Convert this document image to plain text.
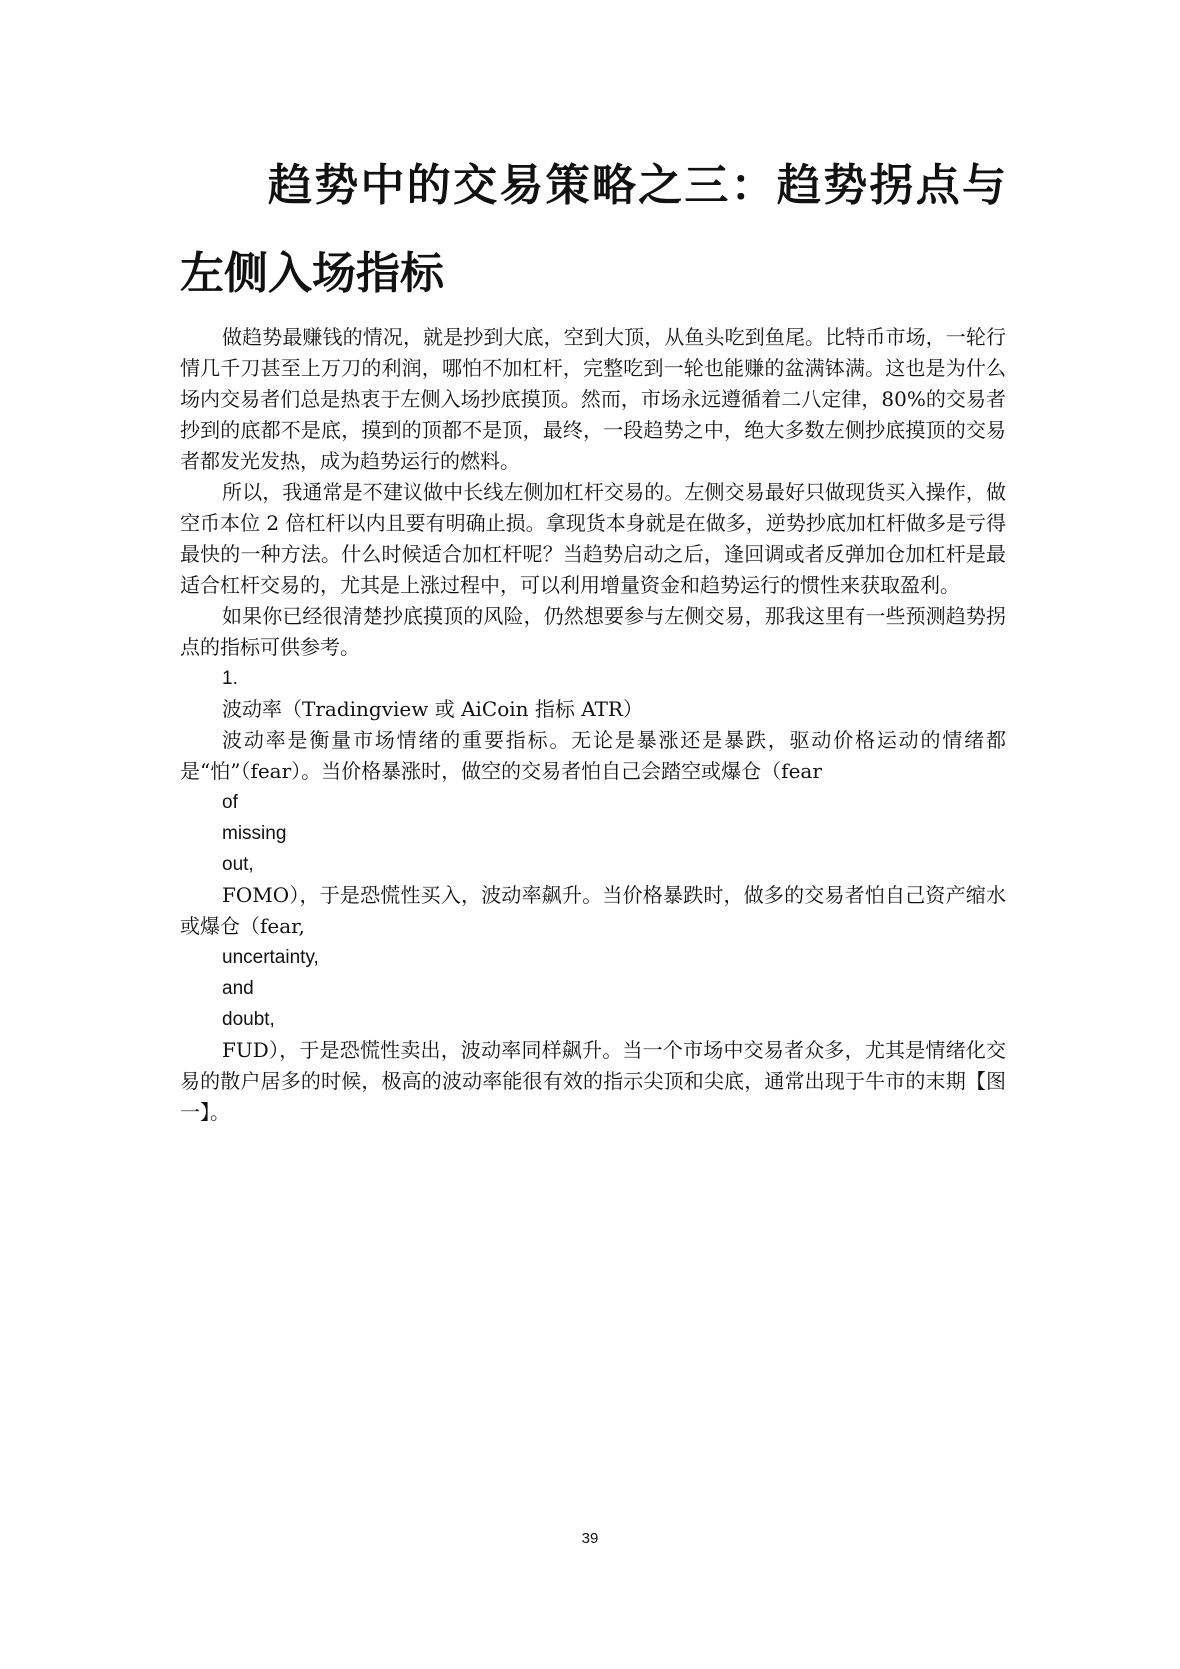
趋势中的交易策略之三：趋势拐点与左侧入场指标

做趋势最赚钱的情况，就是抄到大底，空到大顶，从鱼头吃到鱼尾。比特币市场，一轮行情几千刀甚至上万刀的利润，哪怕不加杠杆，完整吃到一轮也能赚的盆满钵满。这也是为什么场内交易者们总是热衷于左侧入场抄底摸顶。然而，市场永远遵循着二八定律，80%的交易者抄到的底都不是底，摸到的顶都不是顶，最终，一段趋势之中，绝大多数左侧抄底摸顶的交易者都发光发热，成为趋势运行的燃料。

所以，我通常是不建议做中长线左侧加杠杆交易的。左侧交易最好只做现货买入操作，做空币本位 2 倍杠杆以内且要有明确止损。拿现货本身就是在做多，逆势抄底加杠杆做多是亏得最快的一种方法。什么时候适合加杠杆呢？当趋势启动之后，逢回调或者反弹加仓加杠杆是最适合杠杆交易的，尤其是上涨过程中，可以利用增量资金和趋势运行的惯性来获取盈利。

如果你已经很清楚抄底摸顶的风险，仍然想要参与左侧交易，那我这里有一些预测趋势拐点的指标可供参考。

1.

波动率（Tradingview 或 AiCoin 指标 ATR）

波动率是衡量市场情绪的重要指标。无论是暴涨还是暴跌，驱动价格运动的情绪都是“怕”（fear）。当价格暴涨时，做空的交易者怕自己会踏空或爆仓（fear

of

missing

out,

FOMO），于是恐慌性买入，波动率飙升。当价格暴跌时，做多的交易者怕自己资产缩水或爆仓（fear,

uncertainty,

and

doubt,

FUD），于是恐慌性卖出，波动率同样飙升。当一个市场中交易者众多，尤其是情绪化交易的散户居多的时候，极高的波动率能很有效的指示尖顶和尖底，通常出现于牛市的末期【图一】。

39
